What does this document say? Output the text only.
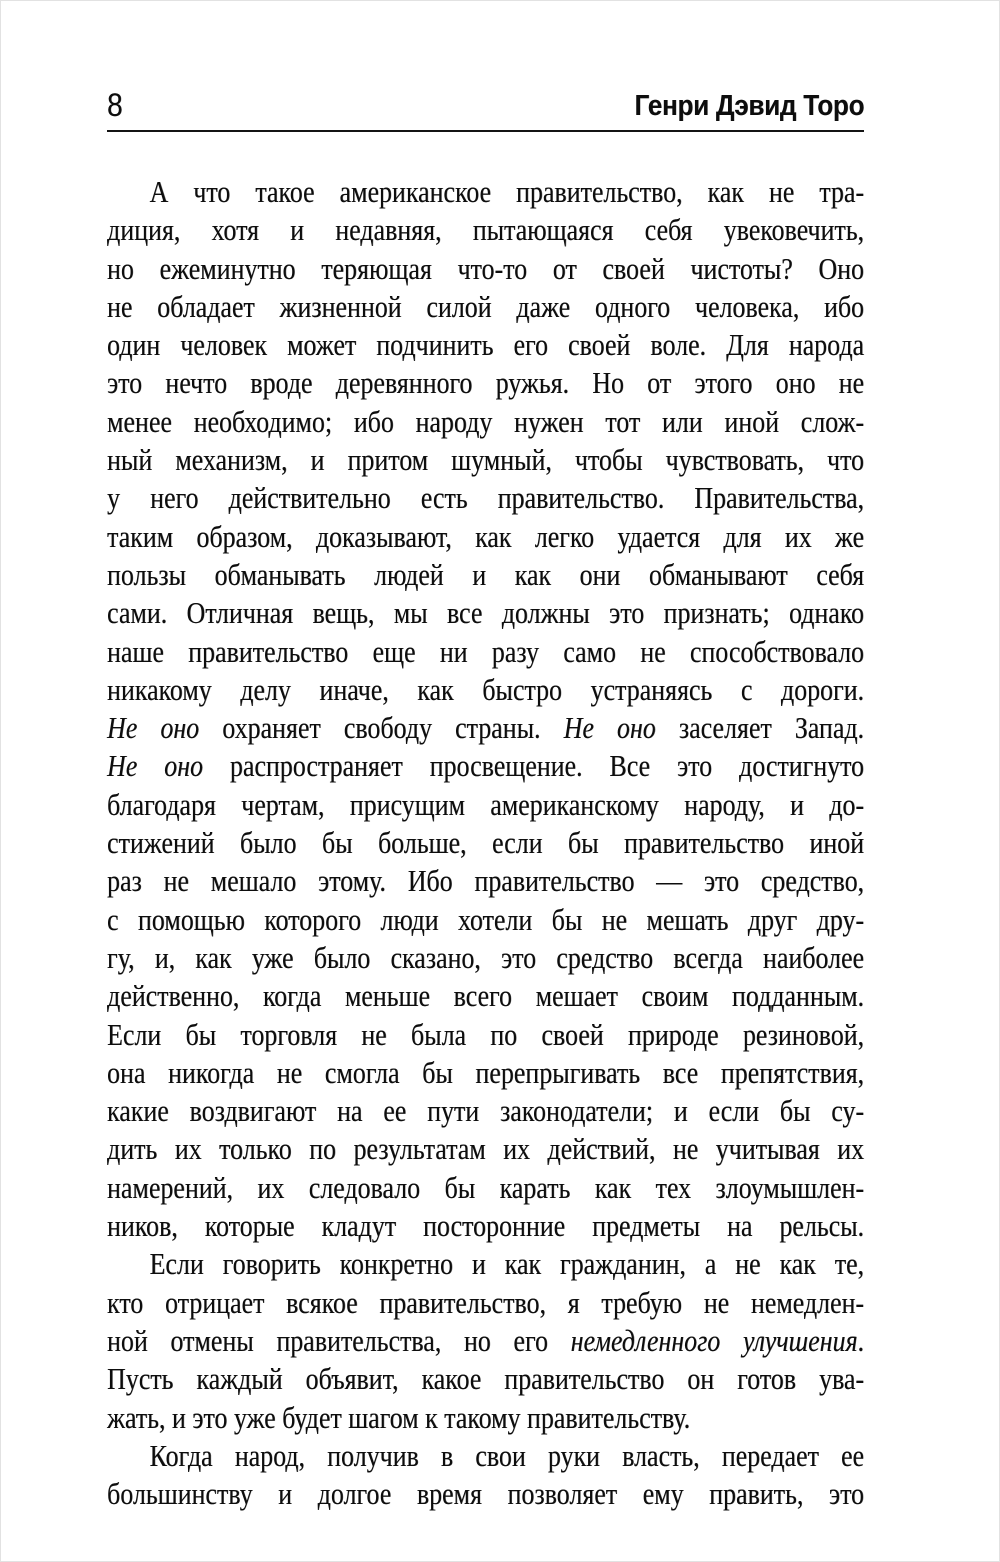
8	Генри Дэвид Торо
А что такое американское правительство, как не тра-
диция, хотя и недавняя, пытающаяся себя увековечить,
но ежеминутно теряющая что-то от своей чистоты? Оно
не обладает жизненной силой даже одного человека, ибо
один человек может подчинить его своей воле. Для народа
это нечто вроде деревянного ружья. Но от этого оно не
менее необходимо; ибо народу нужен тот или иной слож-
ный механизм, и притом шумный, чтобы чувствовать, что
у него действительно есть правительство. Правительства,
таким образом, доказывают, как легко удается для их же
пользы обманывать людей и как они обманывают себя
сами. Отличная вещь, мы все должны это признать; однако
наше правительство еще ни разу само не способствовало
никакому делу иначе, как быстро устраняясь с дороги.
Не оно охраняет свободу страны. Не оно заселяет Запад.
Не оно распространяет просвещение. Все это достигнуто
благодаря чертам, присущим американскому народу, и до-
стижений было бы больше, если бы правительство иной
раз не мешало этому. Ибо правительство — это средство,
с помощью которого люди хотели бы не мешать друг дру-
гу, и, как уже было сказано, это средство всегда наиболее
действенно, когда меньше всего мешает своим подданным.
Если бы торговля не была по своей природе резиновой,
она никогда не смогла бы перепрыгивать все препятствия,
какие воздвигают на ее пути законодатели; и если бы су-
дить их только по результатам их действий, не учитывая их
намерений, их следовало бы карать как тех злоумышлен-
ников, которые кладут посторонние предметы на рельсы.
Если говорить конкретно и как гражданин, а не как те,
кто отрицает всякое правительство, я требую не немедлен-
ной отмены правительства, но его немедленного улучшения.
Пусть каждый объявит, какое правительство он готов ува-
жать, и это уже будет шагом к такому правительству.
Когда народ, получив в свои руки власть, передает ее
большинству и долгое время позволяет ему править, это
